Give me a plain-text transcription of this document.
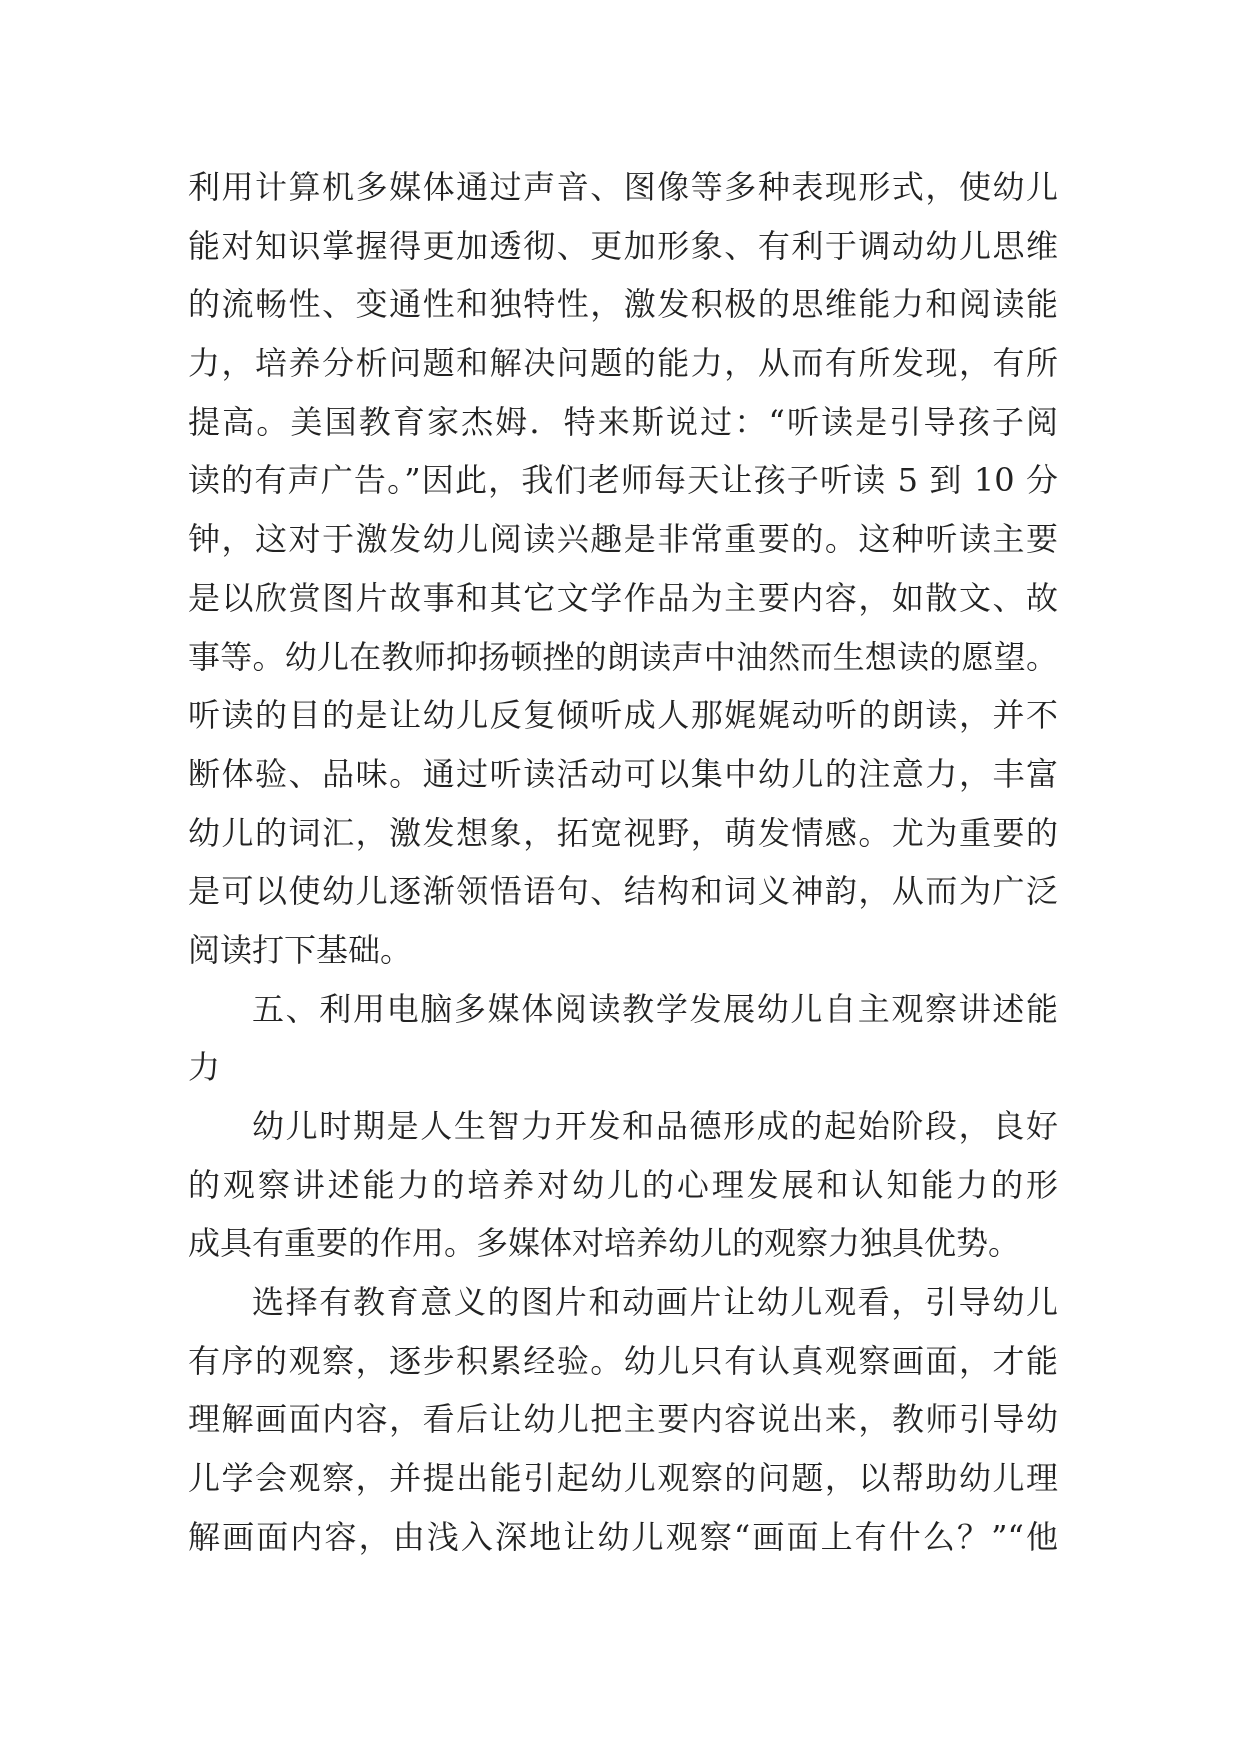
利用计算机多媒体通过声音、图像等多种表现形式，使幼儿
能对知识掌握得更加透彻、更加形象、有利于调动幼儿思维
的流畅性、变通性和独特性，激发积极的思维能力和阅读能
力，培养分析问题和解决问题的能力，从而有所发现，有所
提高。美国教育家杰姆．特来斯说过：“听读是引导孩子阅
读的有声广告。”因此，我们老师每天让孩子听读 5 到 10 分
钟，这对于激发幼儿阅读兴趣是非常重要的。这种听读主要
是以欣赏图片故事和其它文学作品为主要内容，如散文、故
事等。幼儿在教师抑扬顿挫的朗读声中油然而生想读的愿望。
听读的目的是让幼儿反复倾听成人那娓娓动听的朗读，并不
断体验、品味。通过听读活动可以集中幼儿的注意力，丰富
幼儿的词汇，激发想象，拓宽视野，萌发情感。尤为重要的
是可以使幼儿逐渐领悟语句、结构和词义神韵，从而为广泛
阅读打下基础。
五、利用电脑多媒体阅读教学发展幼儿自主观察讲述能
力
幼儿时期是人生智力开发和品德形成的起始阶段，良好
的观察讲述能力的培养对幼儿的心理发展和认知能力的形
成具有重要的作用。多媒体对培养幼儿的观察力独具优势。
选择有教育意义的图片和动画片让幼儿观看，引导幼儿
有序的观察，逐步积累经验。幼儿只有认真观察画面，才能
理解画面内容，看后让幼儿把主要内容说出来，教师引导幼
儿学会观察，并提出能引起幼儿观察的问题，以帮助幼儿理
解画面内容，由浅入深地让幼儿观察“画面上有什么？”“他
